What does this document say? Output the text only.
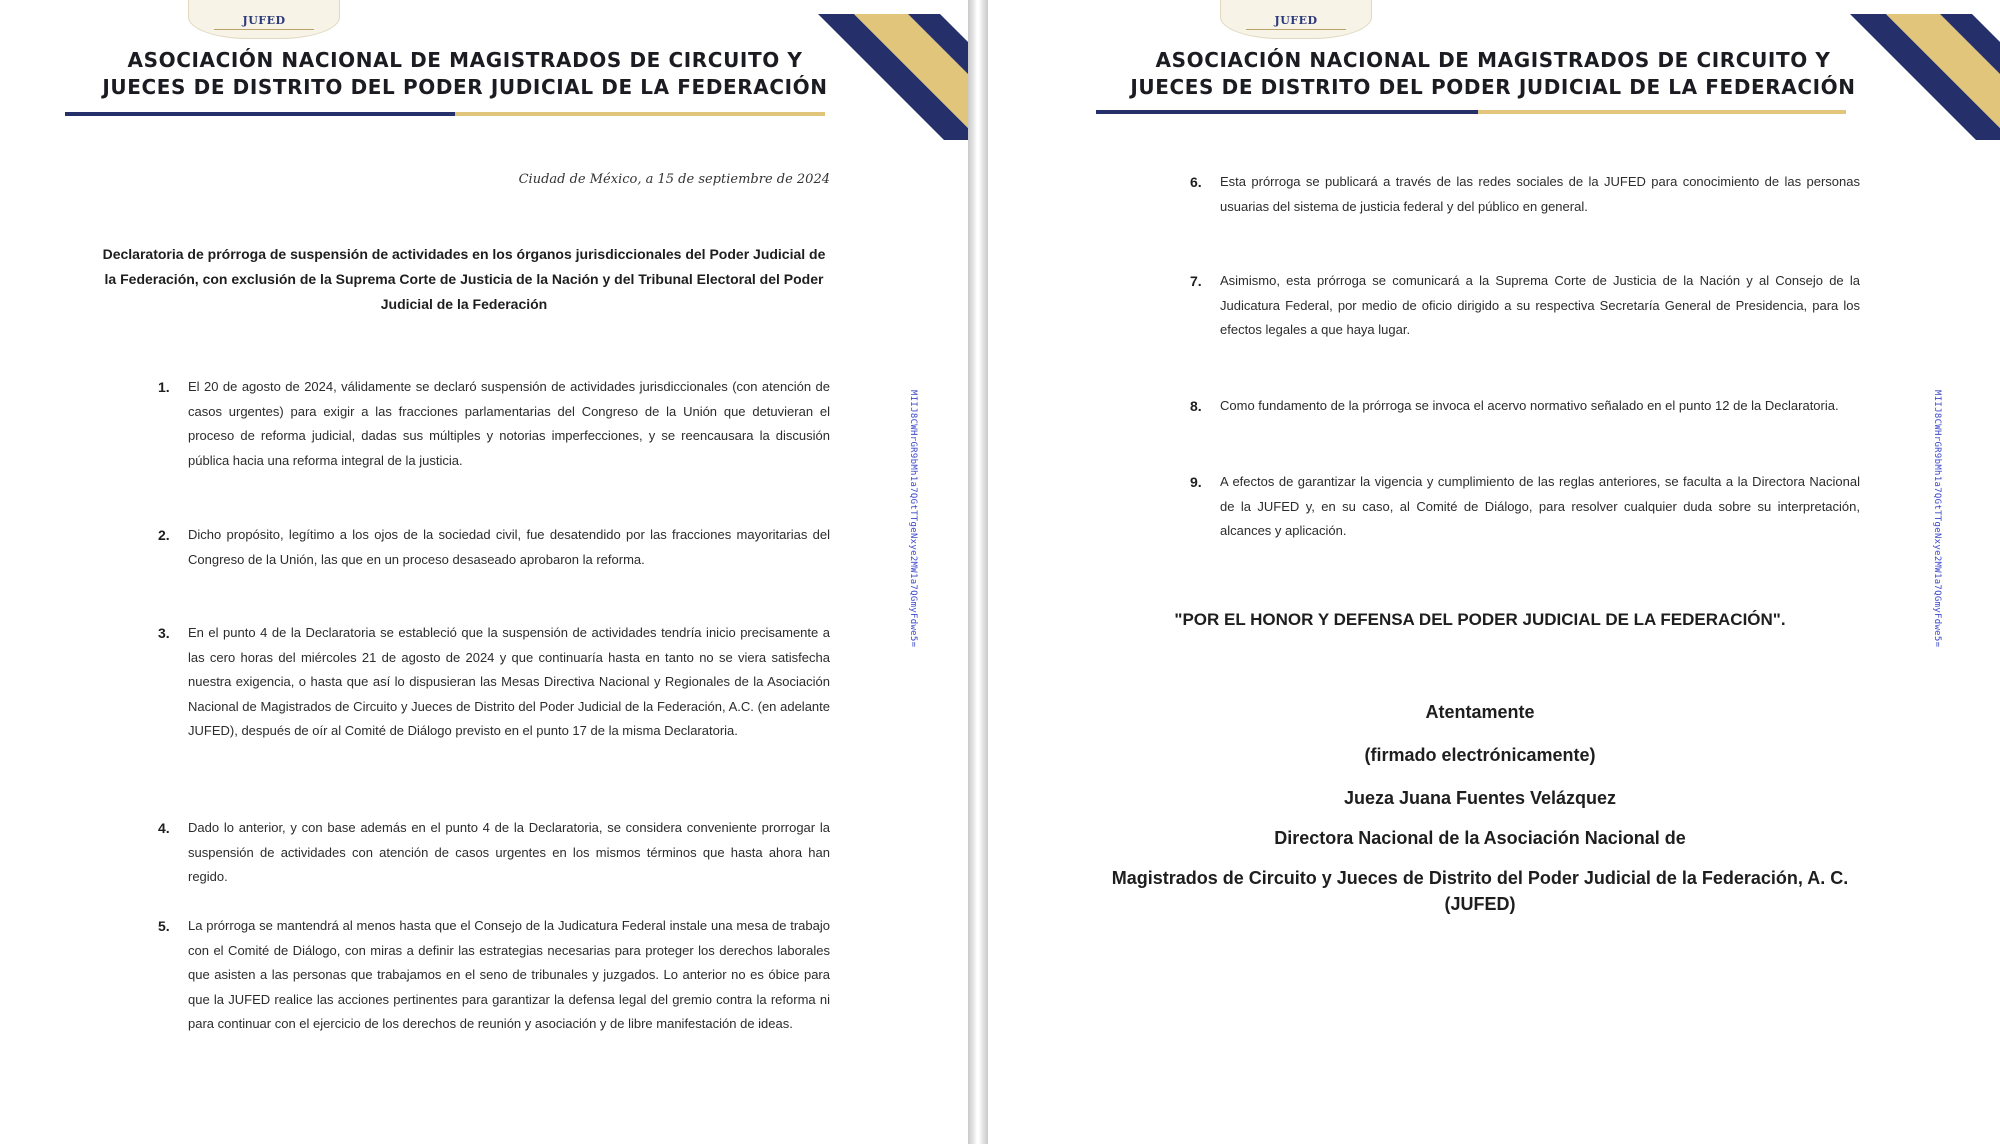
JUFED
ASOCIACIÓN NACIONAL DE MAGISTRADOS DE CIRCUITO Y
JUECES DE DISTRITO DEL PODER JUDICIAL DE LA FEDERACIÓN
Ciudad de México, a 15 de septiembre de 2024
Declaratoria de prórroga de suspensión de actividades en los órganos jurisdiccionales del Poder Judicial de la Federación, con exclusión de la Suprema Corte de Justicia de la Nación y del Tribunal Electoral del Poder Judicial de la Federación
1.	El 20 de agosto de 2024, válidamente se declaró suspensión de actividades jurisdiccionales (con atención de casos urgentes) para exigir a las fracciones parlamentarias del Congreso de la Unión que detuvieran el proceso de reforma judicial, dadas sus múltiples y notorias imperfecciones, y se reencausara la discusión pública hacia una reforma integral de la justicia.
2.	Dicho propósito, legítimo a los ojos de la sociedad civil, fue desatendido por las fracciones mayoritarias del Congreso de la Unión, las que en un proceso desaseado aprobaron la reforma.
3.	En el punto 4 de la Declaratoria se estableció que la suspensión de actividades tendría inicio precisamente a las cero horas del miércoles 21 de agosto de 2024 y que continuaría hasta en tanto no se viera satisfecha nuestra exigencia, o hasta que así lo dispusieran las Mesas Directiva Nacional y Regionales de la Asociación Nacional de Magistrados de Circuito y Jueces de Distrito del Poder Judicial de la Federación, A.C. (en adelante JUFED), después de oír al Comité de Diálogo previsto en el punto 17 de la misma Declaratoria.
4.	Dado lo anterior, y con base además en el punto 4 de la Declaratoria, se considera conveniente prorrogar la suspensión de actividades con atención de casos urgentes en los mismos términos que hasta ahora han regido.
5.	La prórroga se mantendrá al menos hasta que el Consejo de la Judicatura Federal instale una mesa de trabajo con el Comité de Diálogo, con miras a definir las estrategias necesarias para proteger los derechos laborales que asisten a las personas que trabajamos en el seno de tribunales y juzgados. Lo anterior no es óbice para que la JUFED realice las acciones pertinentes para garantizar la defensa legal del gremio contra la reforma ni para continuar con el ejercicio de los derechos de reunión y asociación y de libre manifestación de ideas.
MIIJ8CWHrGR9bMh1a7QGtTTgeNxye2MW1a7QGmyFdwe5=
JUFED
ASOCIACIÓN NACIONAL DE MAGISTRADOS DE CIRCUITO Y
JUECES DE DISTRITO DEL PODER JUDICIAL DE LA FEDERACIÓN
6.	Esta prórroga se publicará a través de las redes sociales de la JUFED para conocimiento de las personas usuarias del sistema de justicia federal y del público en general.
7.	Asimismo, esta prórroga se comunicará a la Suprema Corte de Justicia de la Nación y al Consejo de la Judicatura Federal, por medio de oficio dirigido a su respectiva Secretaría General de Presidencia, para los efectos legales a que haya lugar.
8.	Como fundamento de la prórroga se invoca el acervo normativo señalado en el punto 12 de la Declaratoria.
9.	A efectos de garantizar la vigencia y cumplimiento de las reglas anteriores, se faculta a la Directora Nacional de la JUFED y, en su caso, al Comité de Diálogo, para resolver cualquier duda sobre su interpretación, alcances y aplicación.
"POR EL HONOR Y DEFENSA DEL PODER JUDICIAL DE LA FEDERACIÓN".
Atentamente
(firmado electrónicamente)
Jueza Juana Fuentes Velázquez
Directora Nacional de la Asociación Nacional de
Magistrados de Circuito y Jueces de Distrito del Poder Judicial de la Federación, A. C. (JUFED)
MIIJ8CWHrGR9bMh1a7QGtTTgeNxye2MW1a7QGmyFdwe5=
